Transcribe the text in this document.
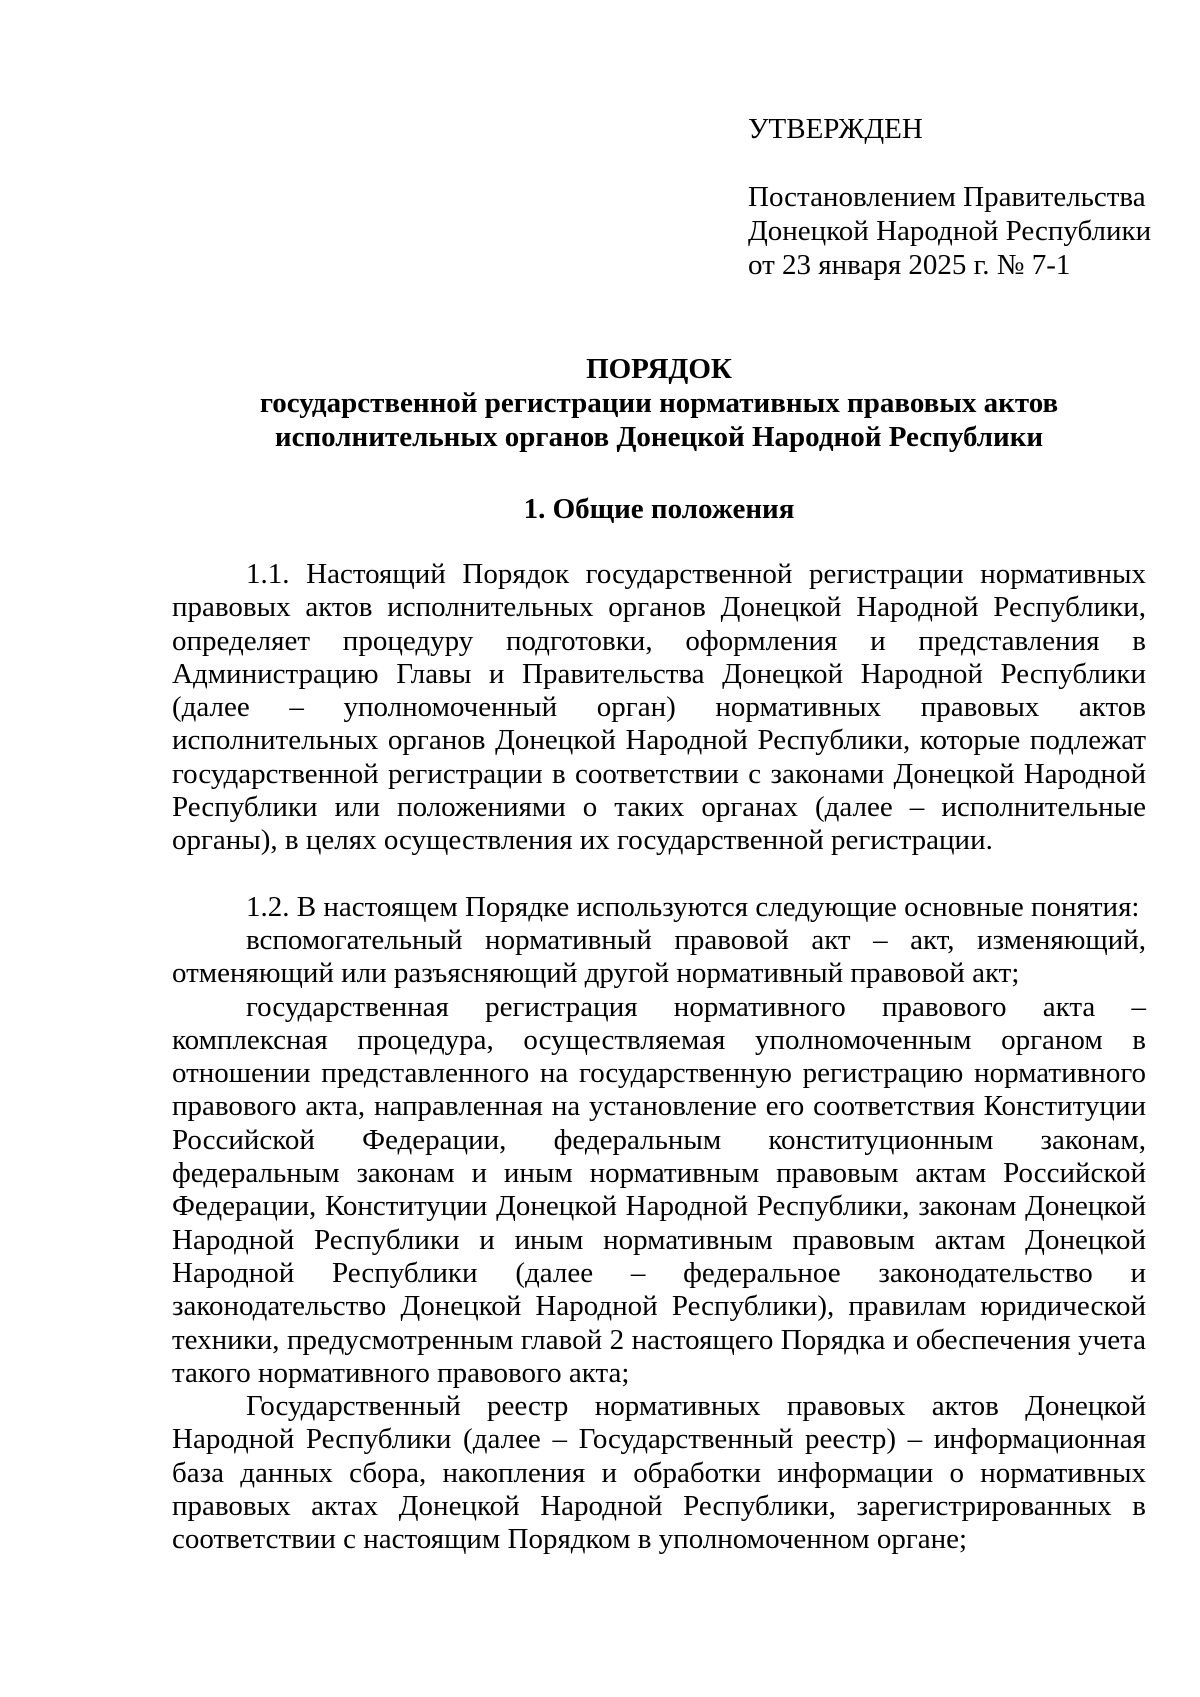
УТВЕРЖДЕН
Постановлением Правительства
Донецкой Народной Республики
от 23 января 2025 г. № 7-1
ПОРЯДОК
государственной регистрации нормативных правовых актов
исполнительных органов Донецкой Народной Республики
1. Общие положения

1.1. Настоящий Порядок государственной регистрации нормативных правовых актов исполнительных органов Донецкой Народной Республики, определяет процедуру подготовки, оформления и представления в Администрацию Главы и Правительства Донецкой Народной Республики (далее – уполномоченный орган) нормативных правовых актов исполнительных органов Донецкой Народной Республики, которые подлежат государственной регистрации в соответствии с законами Донецкой Народной Республики или положениями о таких органах (далее – исполнительные органы), в целях осуществления их государственной регистрации.

1.2. В настоящем Порядке используются следующие основные понятия:

вспомогательный нормативный правовой акт – акт, изменяющий, отменяющий или разъясняющий другой нормативный правовой акт;

государственная регистрация нормативного правового акта – комплексная процедура, осуществляемая уполномоченным органом в отношении представленного на государственную регистрацию нормативного правового акта, направленная на установление его соответствия Конституции Российской Федерации, федеральным конституционным законам, федеральным законам и иным нормативным правовым актам Российской Федерации, Конституции Донецкой Народной Республики, законам Донецкой Народной Республики и иным нормативным правовым актам Донецкой Народной Республики (далее – федеральное законодательство и законодательство Донецкой Народной Республики), правилам юридической техники, предусмотренным главой 2 настоящего Порядка и обеспечения учета такого нормативного правового акта;

Государственный реестр нормативных правовых актов Донецкой Народной Республики (далее – Государственный реестр) – информационная база данных сбора, накопления и обработки информации о нормативных правовых актах Донецкой Народной Республики, зарегистрированных в соответствии с настоящим Порядком в уполномоченном органе;
